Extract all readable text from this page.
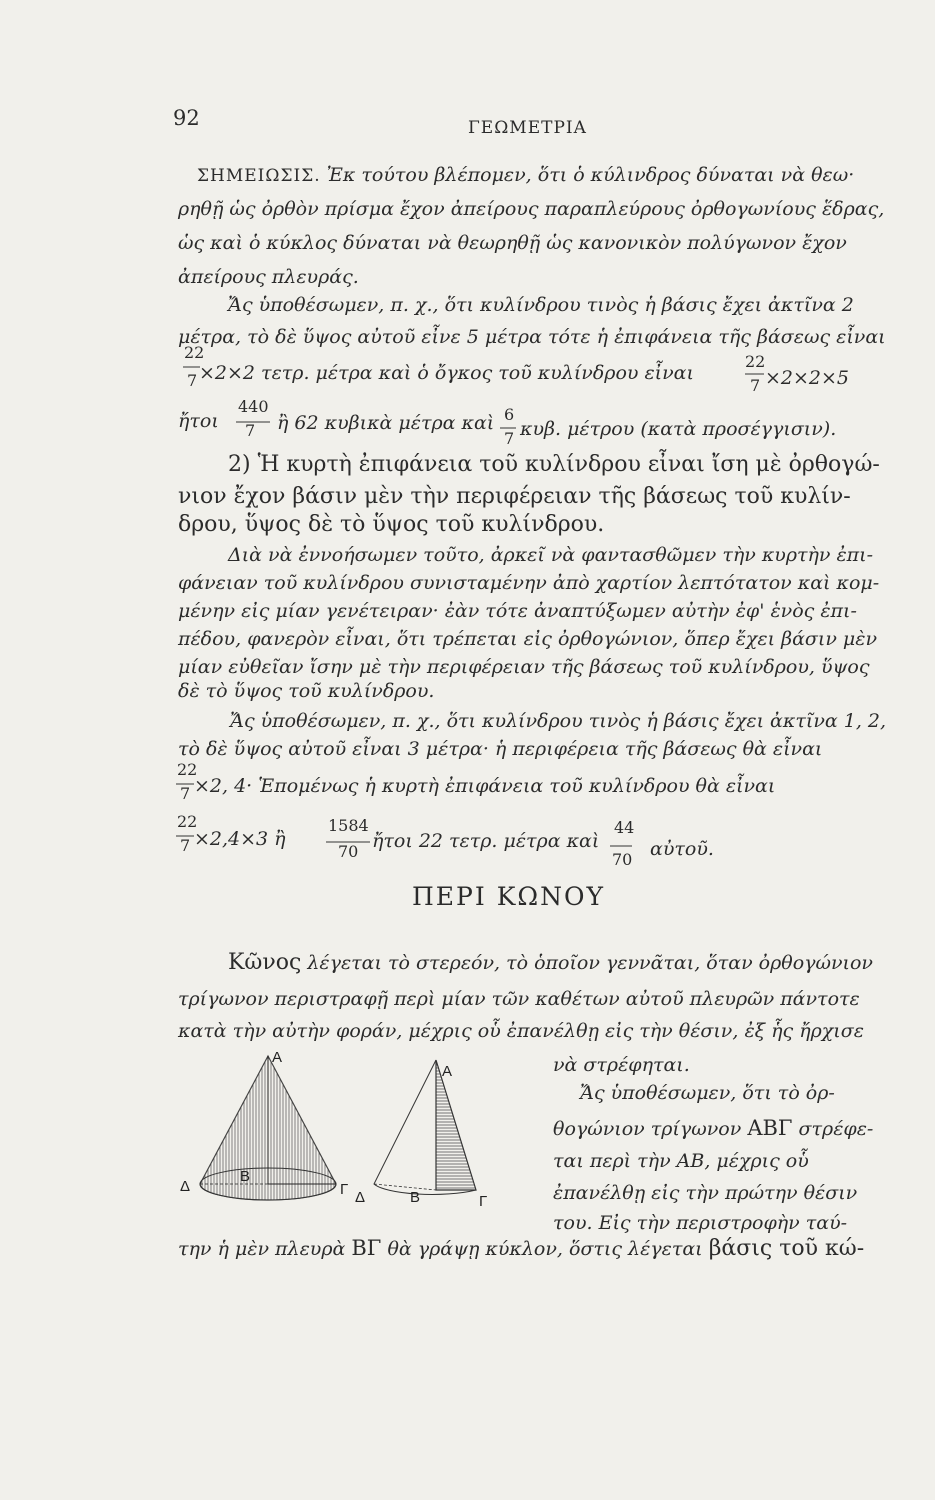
92	ΓΕΩΜΕΤΡΙΑ
ΣΗΜΕΙΩΣΙΣ. Ἐκ τούτου βλέπομεν, ὅτι ὁ κύλινδρος δύναται νὰ θεω·
ρηθῇ ὡς ὀρθὸν πρίσμα ἔχον ἀπείρους παραπλεύρους ὀρθογωνίους ἕδρας,
ὡς καὶ ὁ κύκλος δύναται νὰ θεωρηθῇ ὡς κανονικὸν πολύγωνον ἔχον
ἀπείρους πλευράς.
Ἄς ὑποθέσωμεν, π. χ., ὅτι κυλίνδρου τινὸς ἡ βάσις ἔχει ἀκτῖνα 2
μέτρα, τὸ δὲ ὕψος αὐτοῦ εἶνε 5 μέτρα τότε ἡ ἐπιφάνεια τῆς βάσεως εἶναι
22
7 ×2×2 τετρ. μέτρα καὶ ὁ ὄγκος τοῦ κυλίνδρου εἶναι
22
7 ×2×2×5
ἤτοι
440
7 ἢ 62 κυβικὰ μέτρα καὶ 6
7 κυβ. μέτρου (κατὰ προσέγγισιν).
2) Ἡ κυρτὴ ἐπιφάνεια τοῦ κυλίνδρου εἶναι ἴση μὲ ὀρθογώ-
νιον ἔχον βάσιν μὲν τὴν περιφέρειαν τῆς βάσεως τοῦ κυλίν-
δρου, ὕψος δὲ τὸ ὕψος τοῦ κυλίνδρου.
Διὰ νὰ ἐννοήσωμεν τοῦτο, ἀρκεῖ νὰ φαντασθῶμεν τὴν κυρτὴν ἐπι-
φάνειαν τοῦ κυλίνδρου συνισταμένην ἀπὸ χαρτίον λεπτότατον καὶ κομ-
μένην εἰς μίαν γενέτειραν· ἐὰν τότε ἀναπτύξωμεν αὐτὴν ἐφ' ἑνὸς ἐπι-
πέδου, φανερὸν εἶναι, ὅτι τρέπεται εἰς ὀρθογώνιον, ὅπερ ἔχει βάσιν μὲν
μίαν εὐθεῖαν ἴσην μὲ τὴν περιφέρειαν τῆς βάσεως τοῦ κυλίνδρου, ὕψος
δὲ τὸ ὕψος τοῦ κυλίνδρου.
Ἄς ὑποθέσωμεν, π. χ., ὅτι κυλίνδρου τινὸς ἡ βάσις ἔχει ἀκτῖνα 1, 2,
τὸ δὲ ὕψος αὐτοῦ εἶναι 3 μέτρα· ἡ περιφέρεια τῆς βάσεως θὰ εἶναι
22
7 ×2, 4· Ἑπομένως ἡ κυρτὴ ἐπιφάνεια τοῦ κυλίνδρου θὰ εἶναι
22
7 ×2,4×3 ἢ
1584
70 ἤτοι 22 τετρ. μέτρα καὶ
44
70 αὐτοῦ.
ΠΕΡΙ ΚΩΝΟΥ
Κῶνος λέγεται τὸ στερεόν, τὸ ὁποῖον γεννᾶται, ὅταν ὀρθογώνιον
τρίγωνον περιστραφῇ περὶ μίαν τῶν καθέτων αὐτοῦ πλευρῶν πάντοτε
κατὰ τὴν αὐτὴν φοράν, μέχρις οὗ ἐπανέλθῃ εἰς τὴν θέσιν, ἐξ ἧς ἤρχισε
νὰ στρέφηται.
Ἄς ὑποθέσωμεν, ὅτι τὸ ὀρ-
θογώνιον τρίγωνον ΑΒΓ στρέφε-
ται περὶ τὴν ΑΒ, μέχρις οὗ
ἐπανέλθῃ εἰς τὴν πρώτην θέσιν
του. Εἰς τὴν περιστροφὴν ταύ-
την ἡ μὲν πλευρὰ ΒΓ θὰ γράψῃ κύκλον, ὅστις λέγεται βάσις τοῦ κώ-
Α
Δ
Β
Γ
Α
Δ	Β	Γ
